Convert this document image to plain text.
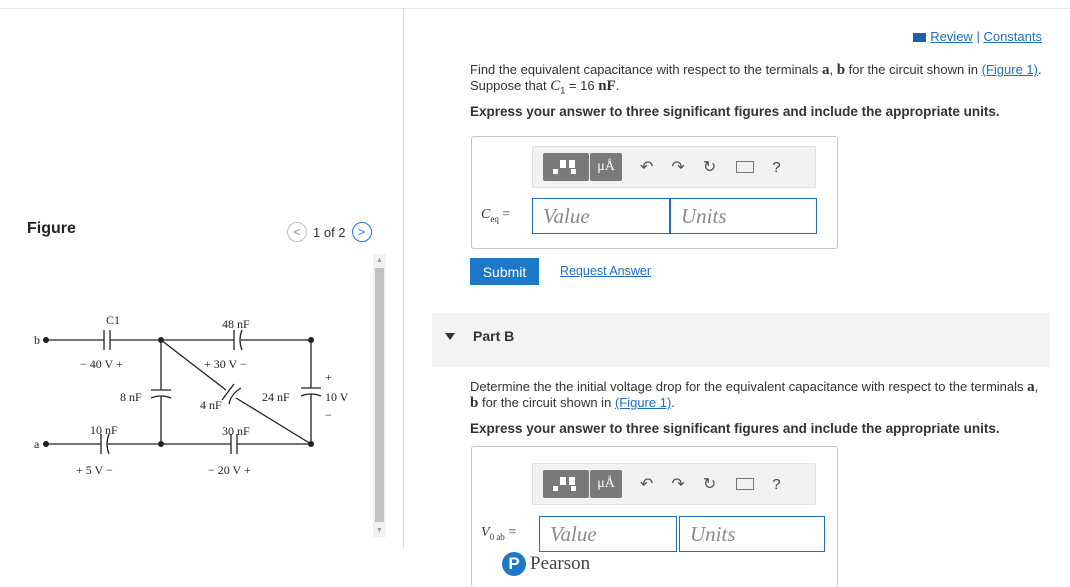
Figure	< 1 of 2 >
▲
▼
C1	48 nF
− 40 V +	+ 30 V −
8 nF
4 nF
24 nF
+
10 V
−
10 nF	30 nF
+ 5 V −	− 20 V +
b
a
Review | Constants
Find the equivalent capacitance with respect to the terminals a, b for the circuit shown in (Figure 1).
Suppose that $C_1 = 16$ nF.
Express your answer to three significant figures and include the appropriate units.
μÅ	↶ ↷ ↻	?
$C_{eq}$ =	Value	Units
Submit	Request Answer
Part B
Determine the the initial voltage drop for the equivalent capacitance with respect to the terminals a, b for the circuit shown in (Figure 1).
Express your answer to three significant figures and include the appropriate units.
μÅ	↶ ↷ ↻	?
$V_{0 ab}$ =	Value	Units
P Pearson
